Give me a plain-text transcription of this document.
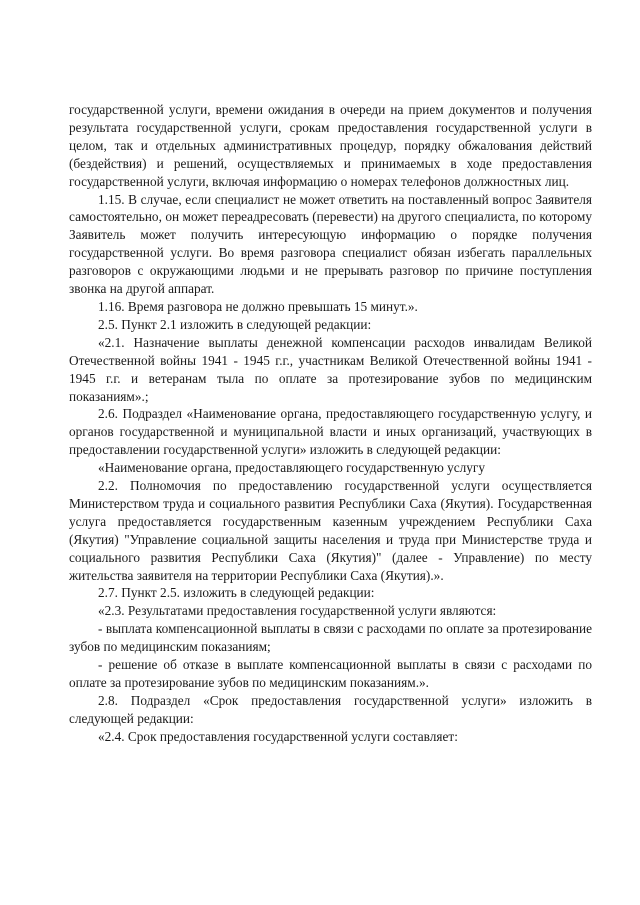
государственной услуги, времени ожидания в очереди на прием документов и получения результата государственной услуги, срокам предоставления государственной услуги в целом, так и отдельных административных процедур, порядку обжалования действий (бездействия) и решений, осуществляемых и принимаемых в ходе предоставления государственной услуги, включая информацию о номерах телефонов должностных лиц.

1.15. В случае, если специалист не может ответить на поставленный вопрос Заявителя самостоятельно, он может переадресовать (перевести) на другого специалиста, по которому Заявитель может получить интересующую информацию о порядке получения государственной услуги. Во время разговора специалист обязан избегать параллельных разговоров с окружающими людьми и не прерывать разговор по причине поступления звонка на другой аппарат.

1.16. Время разговора не должно превышать 15 минут.».

2.5. Пункт 2.1 изложить в следующей редакции:

«2.1. Назначение выплаты денежной компенсации расходов инвалидам Великой Отечественной войны 1941 - 1945 г.г., участникам Великой Отечественной войны 1941 - 1945 г.г. и ветеранам тыла по оплате за протезирование зубов по медицинским показаниям».;

2.6. Подраздел «Наименование органа, предоставляющего государственную услугу, и органов государственной и муниципальной власти и иных организаций, участвующих в предоставлении государственной услуги» изложить в следующей редакции:

«Наименование органа, предоставляющего государственную услугу

2.2. Полномочия по предоставлению государственной услуги осуществляется Министерством труда и социального развития Республики Саха (Якутия). Государственная услуга предоставляется государственным казенным учреждением Республики Саха (Якутия) "Управление социальной защиты населения и труда при Министерстве труда и социального развития Республики Саха (Якутия)" (далее - Управление) по месту жительства заявителя на территории Республики Саха (Якутия).».

2.7. Пункт 2.5. изложить в следующей редакции:

«2.3. Результатами предоставления государственной услуги являются:

- выплата компенсационной выплаты в связи с расходами по оплате за протезирование зубов по медицинским показаниям;

- решение об отказе в выплате компенсационной выплаты в связи с расходами по оплате за протезирование зубов по медицинским показаниям.».

2.8. Подраздел «Срок предоставления государственной услуги» изложить в следующей редакции:

«2.4. Срок предоставления государственной услуги составляет:
